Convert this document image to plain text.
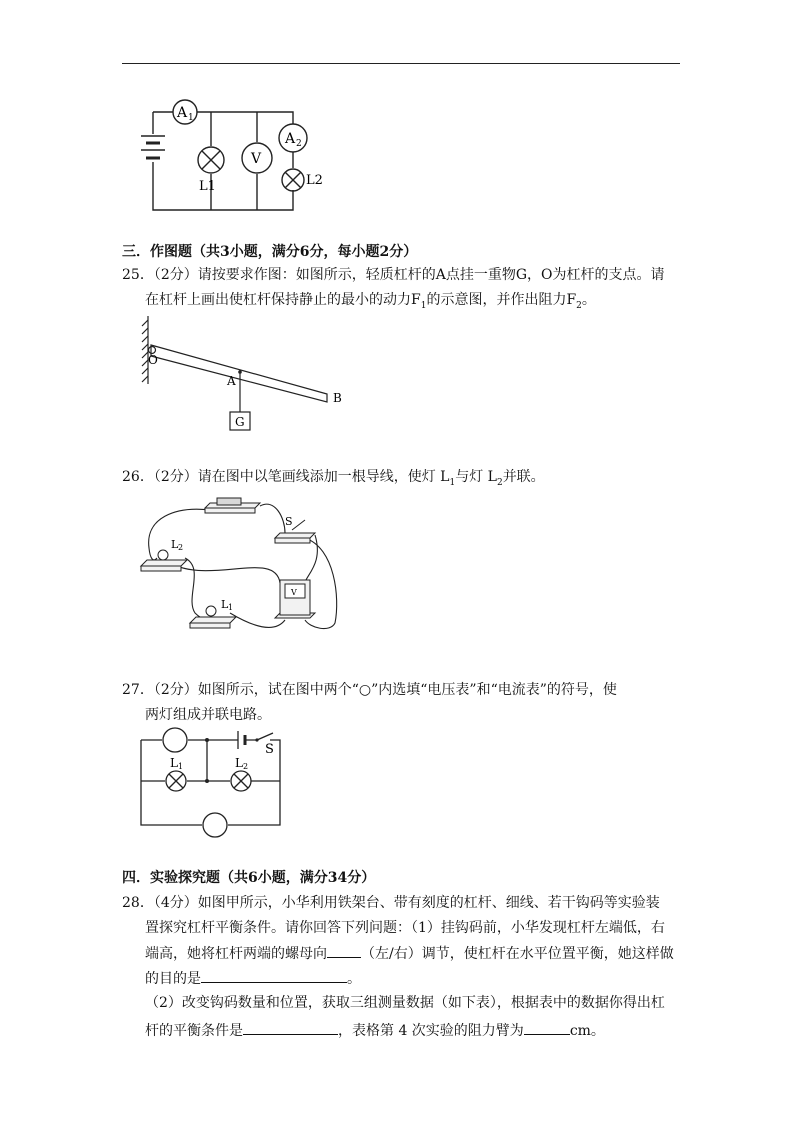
A 1
V
A 2
L1	L2
三．作图题（共3小题，满分6分，每小题2分）
25．（2分）请按要求作图：如图所示，轻质杠杆的A点挂一重物G，O为杠杆的支点。请
在杠杆上画出使杠杆保持静止的最小的动力$F_1$的示意图，并作出阻力$F_2$。
O
A
B
G
26．（2分）请在图中以笔画线添加一根导线，使灯 $L_1$与灯 $L_2$并联。
S
L 2
L 1
V
27．（2分）如图所示，试在图中两个“○”内选填“电压表”和“电流表”的符号，使
两灯组成并联电路。
S
L 1	L 2
四．实验探究题（共6小题，满分34分）
28．（4分）如图甲所示，小华利用铁架台、带有刻度的杠杆、细线、若干钩码等实验装
置探究杠杆平衡条件。请你回答下列问题：（1）挂钩码前，小华发现杠杆左端低，右
端高，她将杠杆两端的螺母向 （左/右）调节，使杠杆在水平位置平衡，她这样做
的目的是	。
（2）改变钩码数量和位置，获取三组测量数据（如下表），根据表中的数据你得出杠
杆的平衡条件是	，表格第 4 次实验的阻力臂为	cm。
